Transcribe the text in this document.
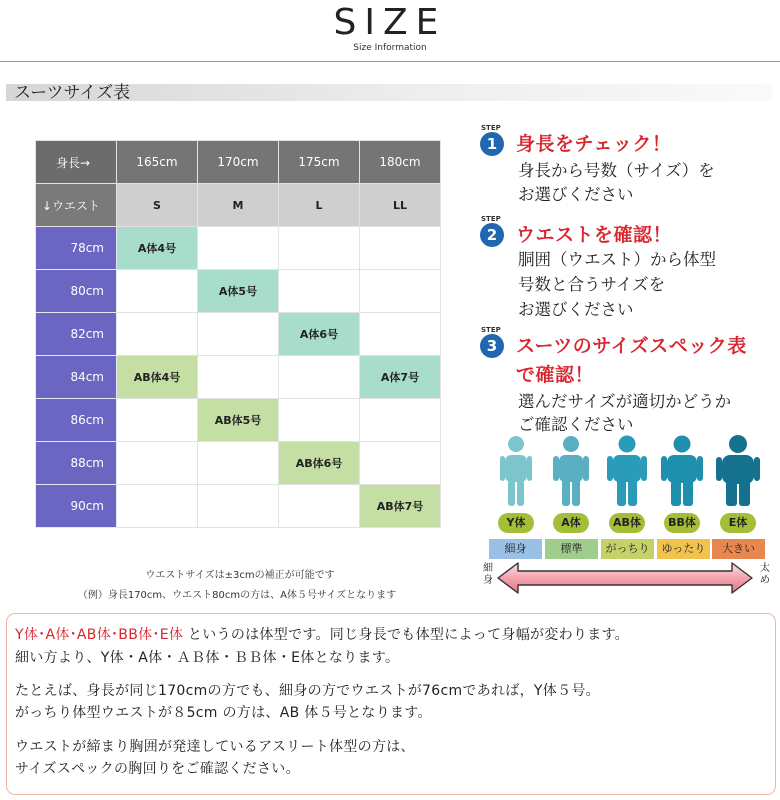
SIZE
Size Information
スーツサイズ表
身長→	165cm	170cm	175cm	180cm
↓ウエスト	S	M	L	LL
78cm	A体4号			
80cm		A体5号		
82cm			A体6号	
84cm	AB体4号			A体7号
86cm		AB体5号		
88cm			AB体6号	
90cm				AB体7号
ウエストサイズは±3cmの補正が可能です
（例）身長170cm、ウエスト80cmの方は、A体５号サイズとなります
STEP
1 身長をチェック！
身長から号数（サイズ）を
お選びください
STEP
2 ウエストを確認！
胴囲（ウエスト）から体型
号数と合うサイズを
お選びください
STEP
3 スーツのサイズスペック表
で確認！
選んだサイズが適切かどうか
ご確認ください
Y体	A体	AB体	BB体	E体
細身	標準	がっちり	ゆったり	大きい
細
身
太
め

Y体･A体･AB体･BB体･E体 というのは体型です。同じ身長でも体型によって身幅が変わります。

細い方より、Y体・A体・ＡＢ体・ＢＢ体・E体となります。

たとえば、身長が同じ170cmの方でも、細身の方でウエストが76cmであれば，Y体５号。

がっちり体型ウエストが８5cm の方は、AB 体５号となります。

ウエストが締まり胸囲が発達しているアスリート体型の方は、

サイズスペックの胸回りをご確認ください。
